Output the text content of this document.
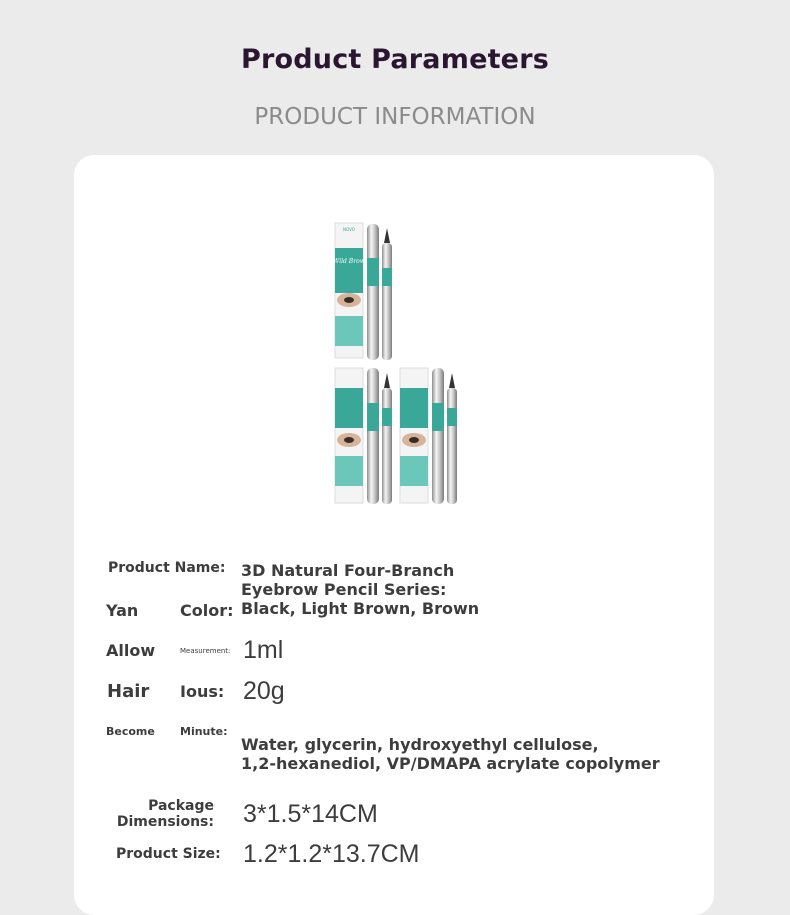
Product Parameters
PRODUCT INFORMATION
NOVO
Wild Brow
Product Name: 3D Natural Four-Branch
Eyebrow Pencil Series:
Yan	Color: Black, Light Brown, Brown
Allow	Measurement: 1ml
Hair Ious: 20g
Become Minute:
Water, glycerin, hydroxyethyl cellulose,
1,2-hexanediol, VP/DMAPA acrylate copolymer
Package
Dimensions: 3*1.5*14CM
Product Size: 1.2*1.2*13.7CM
